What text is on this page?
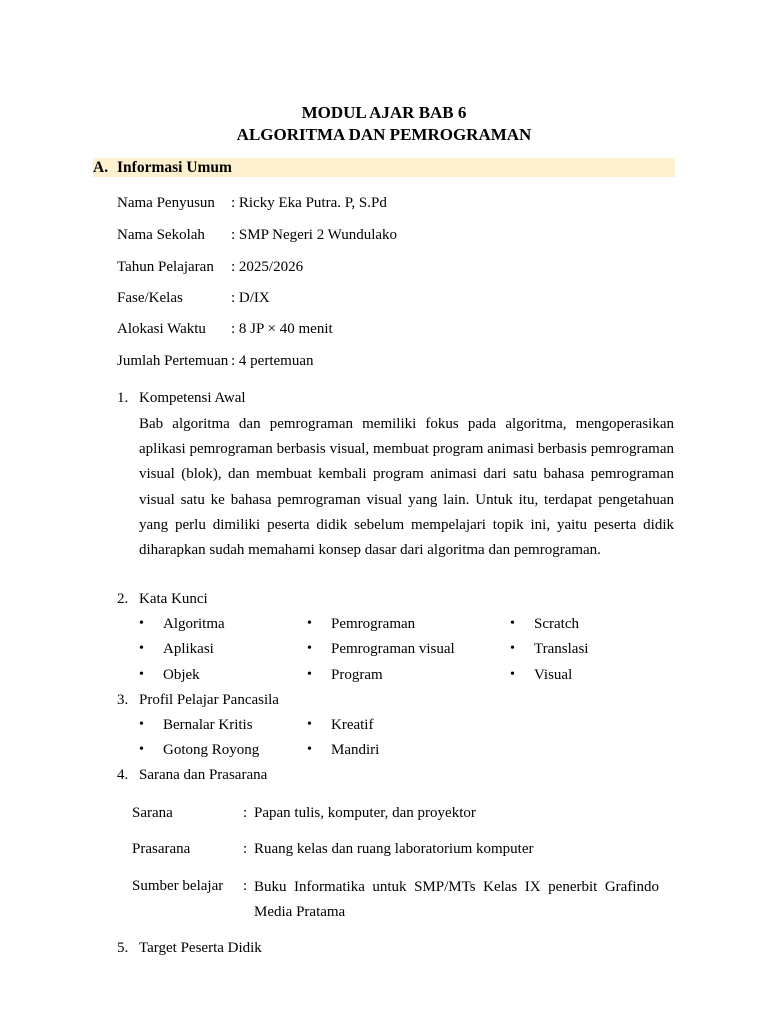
MODUL AJAR BAB 6
ALGORITMA DAN PEMROGRAMAN
A. Informasi Umum
Nama Penyusun : Ricky Eka Putra. P, S.Pd
Nama Sekolah : SMP Negeri 2 Wundulako
Tahun Pelajaran : 2025/2026
Fase/Kelas	: D/IX
Alokasi Waktu : 8 JP × 40 menit
Jumlah Pertemuan : 4 pertemuan
1. Kompetensi Awal
Bab algoritma dan pemrograman memiliki fokus pada algoritma, mengoperasikan aplikasi pemrograman berbasis visual, membuat program animasi berbasis pemrograman visual (blok), dan membuat kembali program animasi dari satu bahasa pemrograman visual satu ke bahasa pemrograman visual yang lain. Untuk itu, terdapat pengetahuan yang perlu dimiliki peserta didik sebelum mempelajari topik ini, yaitu peserta didik diharapkan sudah memahami konsep dasar dari algoritma dan pemrograman.
2. Kata Kunci
• Algoritma
• Aplikasi
• Objek
• Pemrograman
• Pemrograman visual
• Program
• Scratch
• Translasi
• Visual
3. Profil Pelajar Pancasila
• Bernalar Kritis
• Gotong Royong
• Kreatif
• Mandiri
4. Sarana dan Prasarana
Sarana	: Papan tulis, komputer, dan proyektor
Prasarana	: Ruang kelas dan ruang laboratorium komputer
Sumber belajar : Buku Informatika untuk SMP/MTs Kelas IX penerbit Grafindo
Media Pratama
5. Target Peserta Didik
